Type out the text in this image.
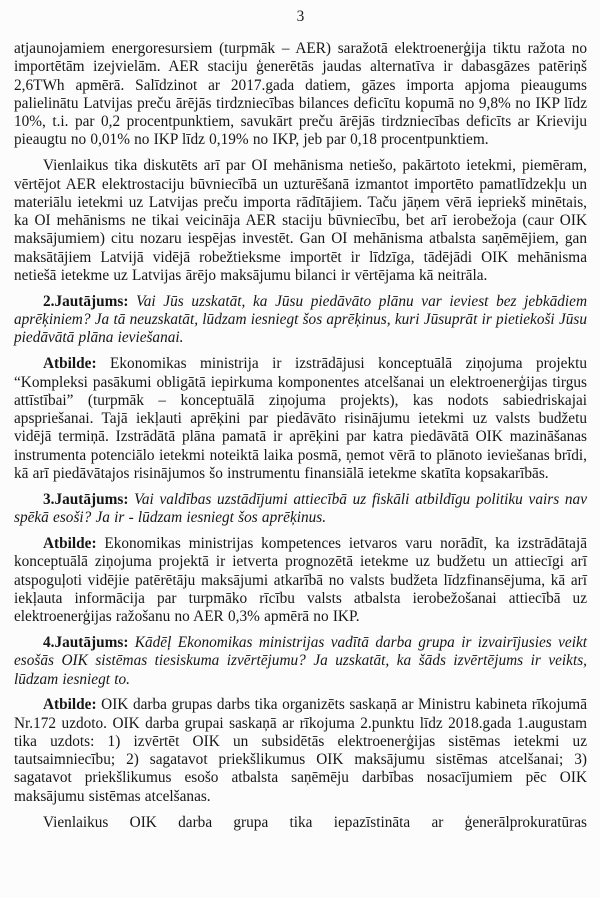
3

atjaunojamiem energoresursiem (turpmāk – AER) saražotā elektroenerģija tiktu ražota no importētām izejvielām. AER staciju ģenerētās jaudas alternatīva ir dabasgāzes patēriņš 2,6TWh apmērā. Salīdzinot ar 2017.gada datiem, gāzes importa apjoma pieaugums palielinātu Latvijas preču ārējās tirdzniecības bilances deficītu kopumā no 9,8% no IKP līdz 10%, t.i. par 0,2 procentpunktiem, savukārt preču ārējās tirdzniecības deficīts ar Krieviju pieaugtu no 0,01% no IKP līdz 0,19% no IKP, jeb par 0,18 procentpunktiem.

Vienlaikus tika diskutēts arī par OI mehānisma netiešo, pakārtoto ietekmi, piemēram, vērtējot AER elektrostaciju būvniecībā un uzturēšanā izmantot importēto pamatlīdzekļu un materiālu ietekmi uz Latvijas preču importa rādītājiem. Taču jāņem vērā iepriekš minētais, ka OI mehānisms ne tikai veicināja AER staciju būvniecību, bet arī ierobežoja (caur OIK maksājumiem) citu nozaru iespējas investēt. Gan OI mehānisma atbalsta saņēmējiem, gan maksātājiem Latvijā vidējā robežtieksme importēt ir līdzīga, tādējādi OIK mehānisma netiešā ietekme uz Latvijas ārējo maksājumu bilanci ir vērtējama kā neitrāla.

2.Jautājums: Vai Jūs uzskatāt, ka Jūsu piedāvāto plānu var ieviest bez jebkādiem aprēķiniem? Ja tā neuzskatāt, lūdzam iesniegt šos aprēķinus, kuri Jūsuprāt ir pietiekoši Jūsu piedāvātā plāna ieviešanai.

Atbilde: Ekonomikas ministrija ir izstrādājusi konceptuālā ziņojuma projektu “Kompleksi pasākumi obligātā iepirkuma komponentes atcelšanai un elektroenerģijas tirgus attīstībai” (turpmāk – konceptuālā ziņojuma projekts), kas nodots sabiedriskajai apspriešanai. Tajā iekļauti aprēķini par piedāvāto risinājumu ietekmi uz valsts budžetu vidējā termiņā. Izstrādātā plāna pamatā ir aprēķini par katra piedāvātā OIK mazināšanas instrumenta potenciālo ietekmi noteiktā laika posmā, ņemot vērā to plānoto ieviešanas brīdi, kā arī piedāvātajos risinājumos šo instrumentu finansiālā ietekme skatīta kopsakarībās.

3.Jautājums: Vai valdības uzstādījumi attiecībā uz fiskāli atbildīgu politiku vairs nav spēkā esoši? Ja ir - lūdzam iesniegt šos aprēķinus.

Atbilde: Ekonomikas ministrijas kompetences ietvaros varu norādīt, ka izstrādātajā konceptuālā ziņojuma projektā ir ietverta prognozētā ietekme uz budžetu un attiecīgi arī atspoguļoti vidējie patērētāju maksājumi atkarībā no valsts budžeta līdzfinansējuma, kā arī iekļauta informācija par turpmāko rīcību valsts atbalsta ierobežošanai attiecībā uz elektroenerģijas ražošanu no AER 0,3% apmērā no IKP.

4.Jautājums: Kādēļ Ekonomikas ministrijas vadītā darba grupa ir izvairījusies veikt esošās OIK sistēmas tiesiskuma izvērtējumu? Ja uzskatāt, ka šāds izvērtējums ir veikts, lūdzam iesniegt to.

Atbilde: OIK darba grupas darbs tika organizēts saskaņā ar Ministru kabineta rīkojumā Nr.172 uzdoto. OIK darba grupai saskaņā ar rīkojuma 2.punktu līdz 2018.gada 1.augustam tika uzdots: 1) izvērtēt OIK un subsidētās elektroenerģijas sistēmas ietekmi uz tautsaimniecību; 2) sagatavot priekšlikumus OIK maksājumu sistēmas atcelšanai; 3) sagatavot priekšlikumus esošo atbalsta saņēmēju darbības nosacījumiem pēc OIK maksājumu sistēmas atcelšanas.

Vienlaikus OIK darba grupa tika iepazīstināta ar ģenerālprokuratūras
